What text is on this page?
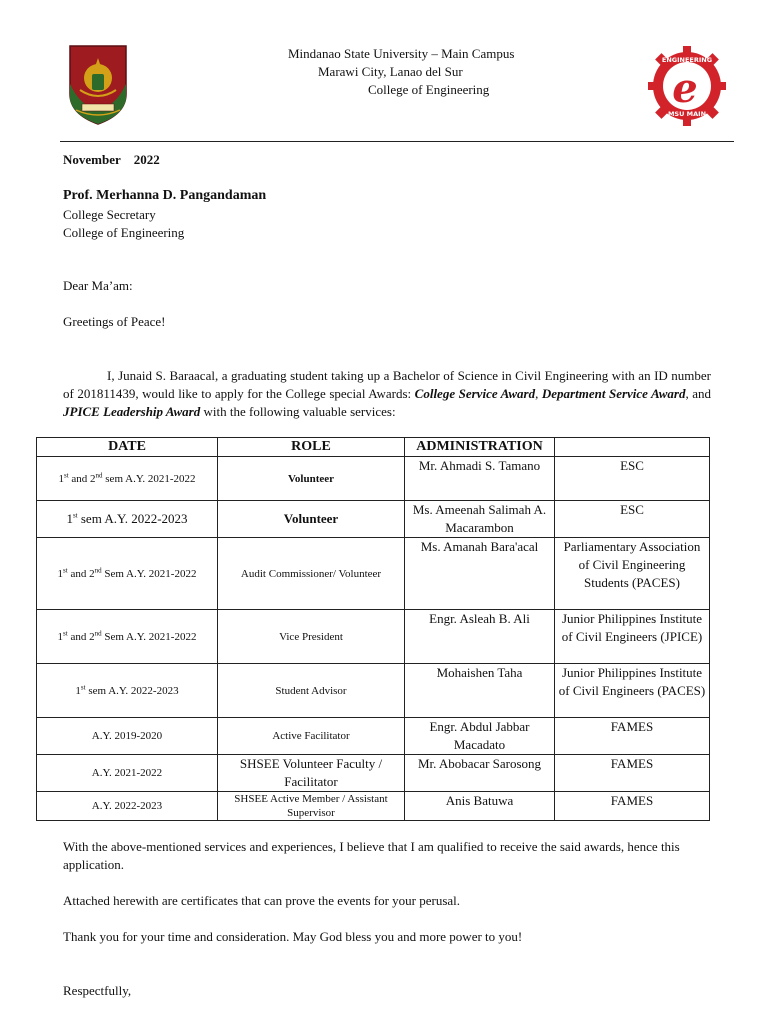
ENGINEERING
MSU MAIN
e
Mindanao State University – Main Campus
Marawi City, Lanao del Sur
College of Engineering
November 2022
Prof. Merhanna D. Pangandaman
College Secretary
College of Engineering
Dear Ma’am:
Greetings of Peace!
I, Junaid S. Baraacal, a graduating student taking up a Bachelor of Science in Civil Engineering with an ID number of 201811439, would like to apply for the College special Awards: College Service Award, Department Service Award, and JPICE Leadership Award with the following valuable services:
DATE	ROLE	ADMINISTRATION	
1st and 2nd sem A.Y. 2021-2022	Volunteer	Mr. Ahmadi S. Tamano	ESC
1st sem A.Y. 2022-2023	Volunteer	Ms. Ameenah Salimah A. Macarambon	ESC
1st and 2nd Sem A.Y. 2021-2022	Audit Commissioner/ Volunteer	Ms. Amanah Bara'acal	Parliamentary Association of Civil Engineering Students (PACES)
1st and 2nd Sem A.Y. 2021-2022	Vice President	Engr. Asleah B. Ali	Junior Philippines Institute of Civil Engineers (JPICE)
1st sem A.Y. 2022-2023	Student Advisor	Mohaishen Taha	Junior Philippines Institute of Civil Engineers (PACES)
A.Y. 2019-2020	Active Facilitator	Engr. Abdul Jabbar Macadato	FAMES
A.Y. 2021-2022	SHSEE Volunteer Faculty / Facilitator	Mr. Abobacar Sarosong	FAMES
A.Y. 2022-2023	SHSEE Active Member / Assistant Supervisor	Anis Batuwa	FAMES
With the above-mentioned services and experiences, I believe that I am qualified to receive the said awards, hence this application.
Attached herewith are certificates that can prove the events for your perusal.
Thank you for your time and consideration. May God bless you and more power to you!
Respectfully,
